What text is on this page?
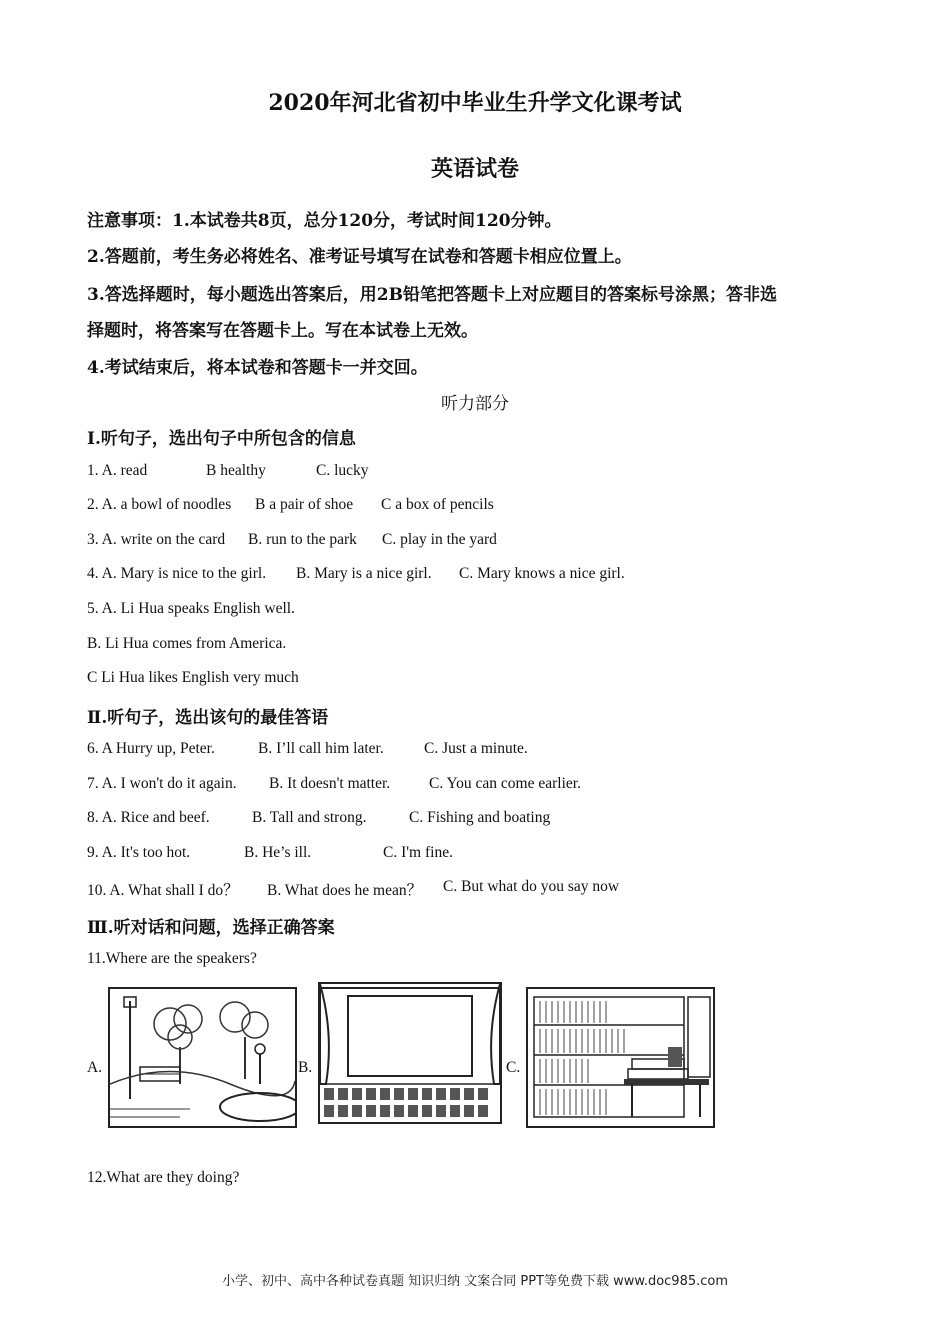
2020年河北省初中毕业生升学文化课考试
英语试卷
注意事项：1.本试卷共8页，总分120分，考试时间120分钟。
2.答题前，考生务必将姓名、准考证号填写在试卷和答题卡相应位置上。
3.答选择题时，每小题选出答案后，用2B铅笔把答题卡上对应题目的答案标号涂黑；答非选
择题时，将答案写在答题卡上。写在本试卷上无效。
4.考试结束后，将本试卷和答题卡一并交回。
听力部分
Ⅰ.听句子，选出句子中所包含的信息
1. A. read	B healthy	C. lucky
2. A. a bowl of noodles B a pair of shoe C a box of pencils
3. A. write on the card B. run to the park C. play in the yard
4. A. Mary is nice to the girl. B. Mary is a nice girl. C. Mary knows a nice girl.
5. A. Li Hua speaks English well.
B. Li Hua comes from America.
C Li Hua likes English very much
Ⅱ.听句子，选出该句的最佳答语
6. A Hurry up, Peter.	B. I’ll call him later.	C. Just a minute.
7. A. I won't do it again. B. It doesn't matter.	C. You can come earlier.
8. A. Rice and beef.	B. Tall and strong.	C. Fishing and boating
9. A. It's too hot.	B. He’s ill.	C. I'm fine.
10. A. What shall I do？ B. What does he mean？ C. But what do you say now
Ⅲ.听对话和问题，选择正确答案
11.Where are the speakers?
A.	B.	C.
12.What are they doing?
小学、初中、高中各种试卷真题 知识归纳 文案合同 PPT等免费下载 www.doc985.com
